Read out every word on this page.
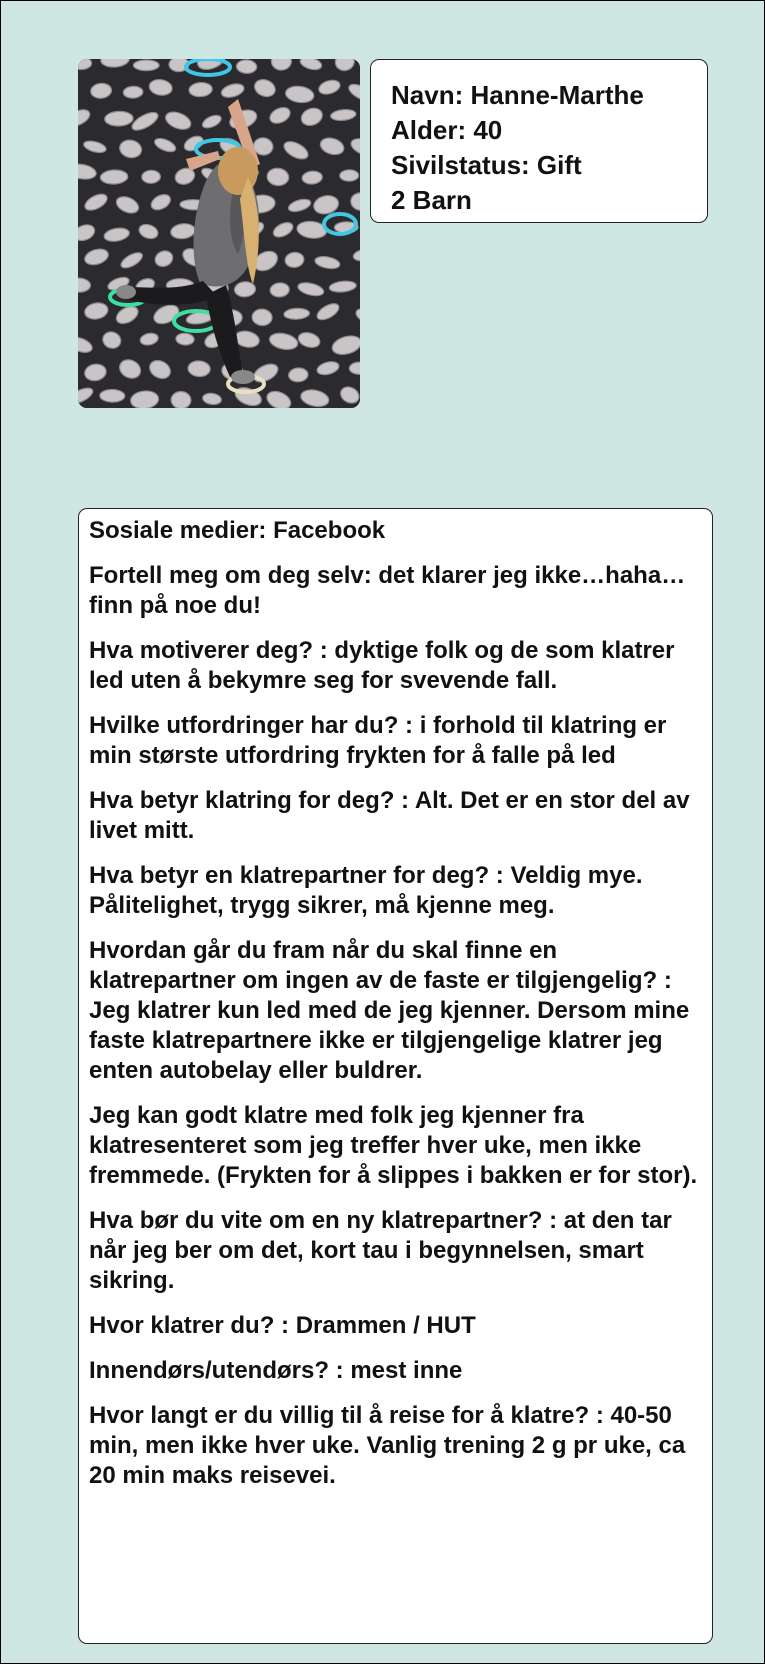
Navn: Hanne-Marthe
Alder: 40
Sivilstatus: Gift
2 Barn

Sosiale medier: Facebook

Fortell meg om deg selv: det klarer jeg ikke…haha…finn på noe du!

Hva motiverer deg? : dyktige folk og de som klatrer led uten å bekymre seg for svevende fall.

Hvilke utfordringer har du? : i forhold til klatring er min største utfordring frykten for å falle på led

Hva betyr klatring for deg? : Alt. Det er en stor del av livet mitt.

Hva betyr en klatrepartner for deg? : Veldig mye. Pålitelighet, trygg sikrer, må kjenne meg.

Hvordan går du fram når du skal finne en klatrepartner om ingen av de faste er tilgjengelig? : Jeg klatrer kun led med de jeg kjenner. Dersom mine faste klatrepartnere ikke er tilgjengelige klatrer jeg enten autobelay eller buldrer.

Jeg kan godt klatre med folk jeg kjenner fra klatresenteret som jeg treffer hver uke, men ikke fremmede. (Frykten for å slippes i bakken er for stor).

Hva bør du vite om en ny klatrepartner? : at den tar når jeg ber om det, kort tau i begynnelsen, smart sikring.

Hvor klatrer du? : Drammen / HUT

Innendørs/utendørs? : mest inne

Hvor langt er du villig til å reise for å klatre? : 40-50 min, men ikke hver uke. Vanlig trening 2 g pr uke, ca 20 min maks reisevei.
